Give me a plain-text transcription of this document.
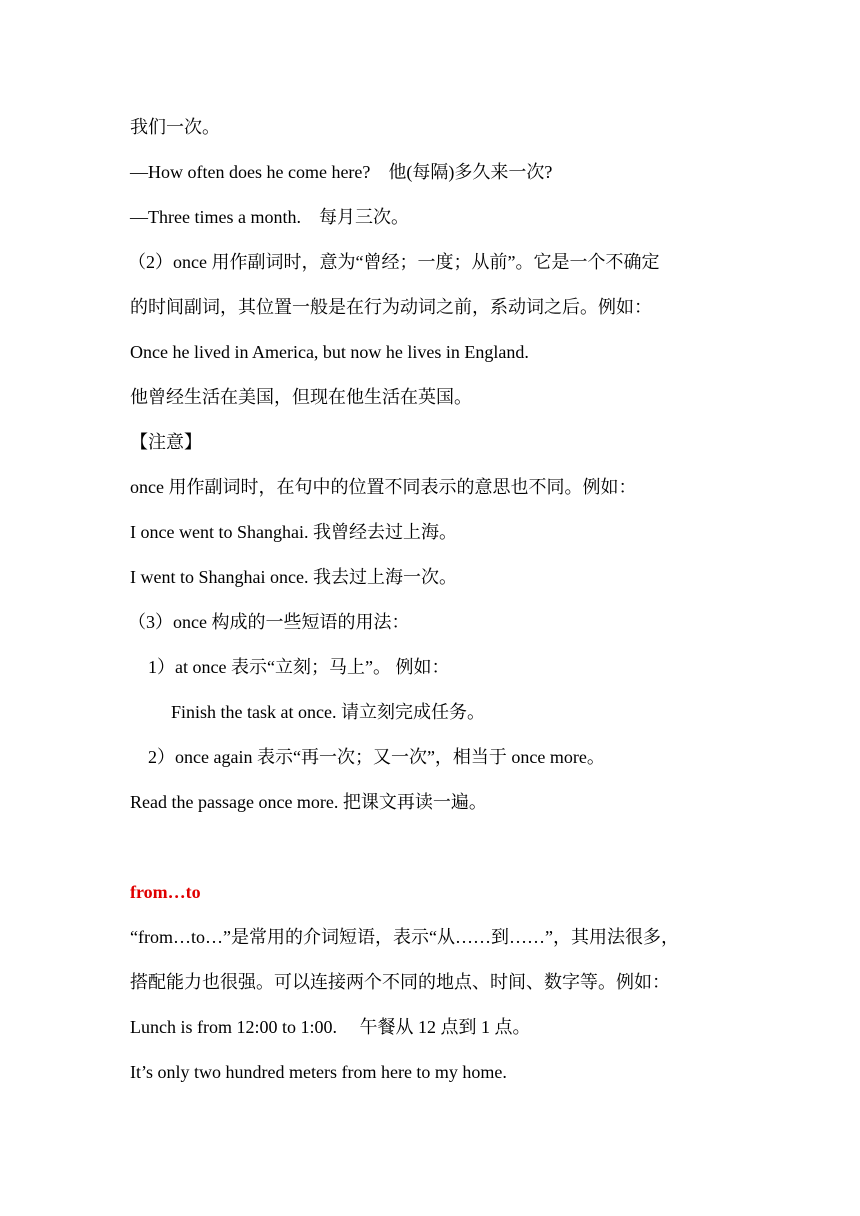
我们一次。
—How often does he come here?　他(每隔)多久来一次?
—Three times a month.　每月三次。
（2）once 用作副词时，意为“曾经；一度；从前”。它是一个不确定
的时间副词，其位置一般是在行为动词之前，系动词之后。例如：
Once he lived in America, but now he lives in England.
他曾经生活在美国，但现在他生活在英国。
【注意】
once 用作副词时，在句中的位置不同表示的意思也不同。例如：
I once went to Shanghai. 我曾经去过上海。
I went to Shanghai once. 我去过上海一次。
（3）once 构成的一些短语的用法：
1）at once 表示“立刻；马上”。 例如：
Finish the task at once. 请立刻完成任务。
2）once again 表示“再一次；又一次”，相当于 once more。
Read the passage once more. 把课文再读一遍。
from…to
“from…to…”是常用的介词短语，表示“从……到……”，其用法很多，
搭配能力也很强。可以连接两个不同的地点、时间、数字等。例如：
Lunch is from 12:00 to 1:00.　 午餐从 12 点到 1 点。
It’s only two hundred meters from here to my home.
